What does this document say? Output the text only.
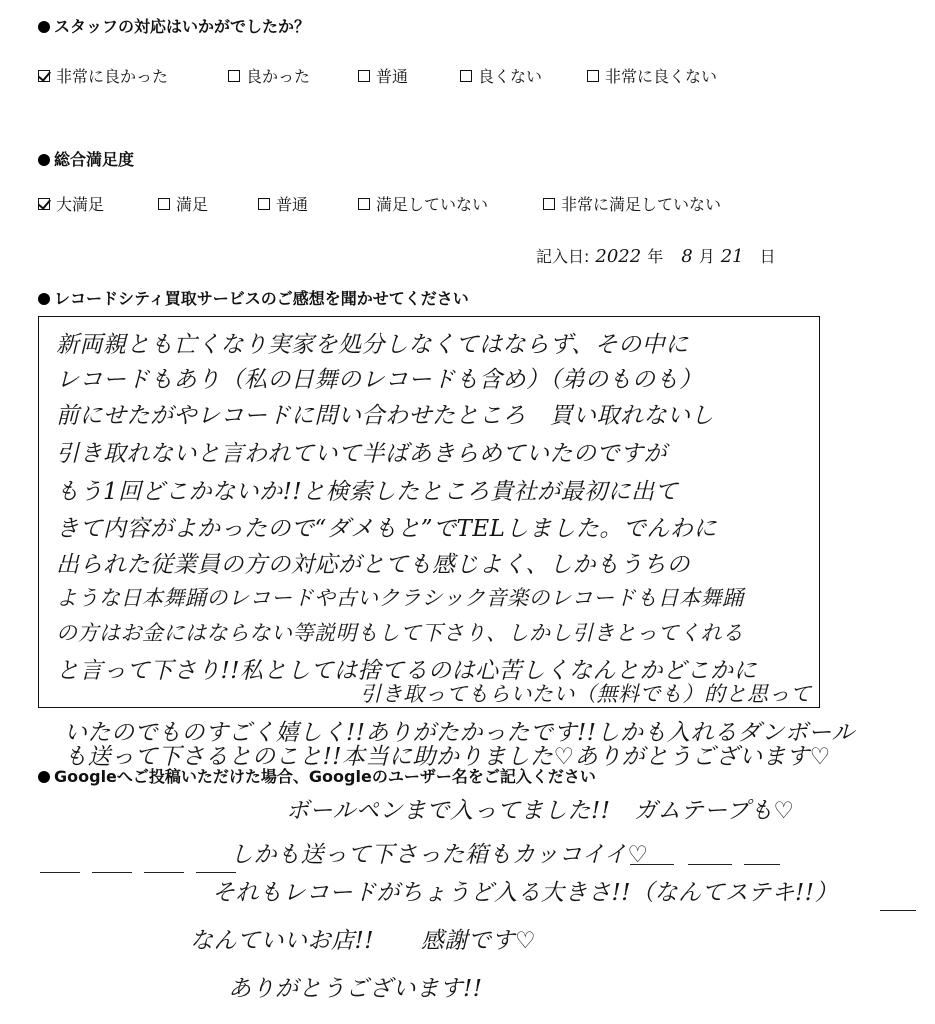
スタッフの対応はいかがでしたか？
非常に良かった	良かった	普通	良くない	非常に良くない
総合満足度
大満足	満足	普通	満足していない	非常に満足していない
記入日: 2022 年 8 月 21 日
レコードシティ買取サービスのご感想を聞かせてください
新両親とも亡くなり実家を処分しなくてはならず、その中に
レコードもあり（私の日舞のレコードも含め）（弟のものも）
前にせたがやレコードに問い合わせたところ　買い取れないし
引き取れないと言われていて半ばあきらめていたのですが
もう1回どこかないか!!と検索したところ貴社が最初に出て
きて内容がよかったので“ダメもと”でTELしました。でんわに
出られた従業員の方の対応がとても感じよく、しかもうちの
ような日本舞踊のレコードや古いクラシック音楽のレコードも日本舞踊
の方はお金にはならない等説明もして下さり、しかし引きとってくれる
と言って下さり!!私としては捨てるのは心苦しくなんとかどこかに
引き取ってもらいたい（無料でも）的と思って
いたのでものすごく嬉しく!!ありがたかったです!!しかも入れるダンボール
も送って下さるとのこと!!本当に助かりました♡ありがとうございます♡
Googleへご投稿いただけた場合、Googleのユーザー名をご記入ください
ボールペンまで入ってました!!　ガムテープも♡
しかも送って下さった箱もカッコイイ♡
それもレコードがちょうど入る大きさ!!（なんてステキ!!）
なんていいお店!!　　感謝です♡
ありがとうございます!!
